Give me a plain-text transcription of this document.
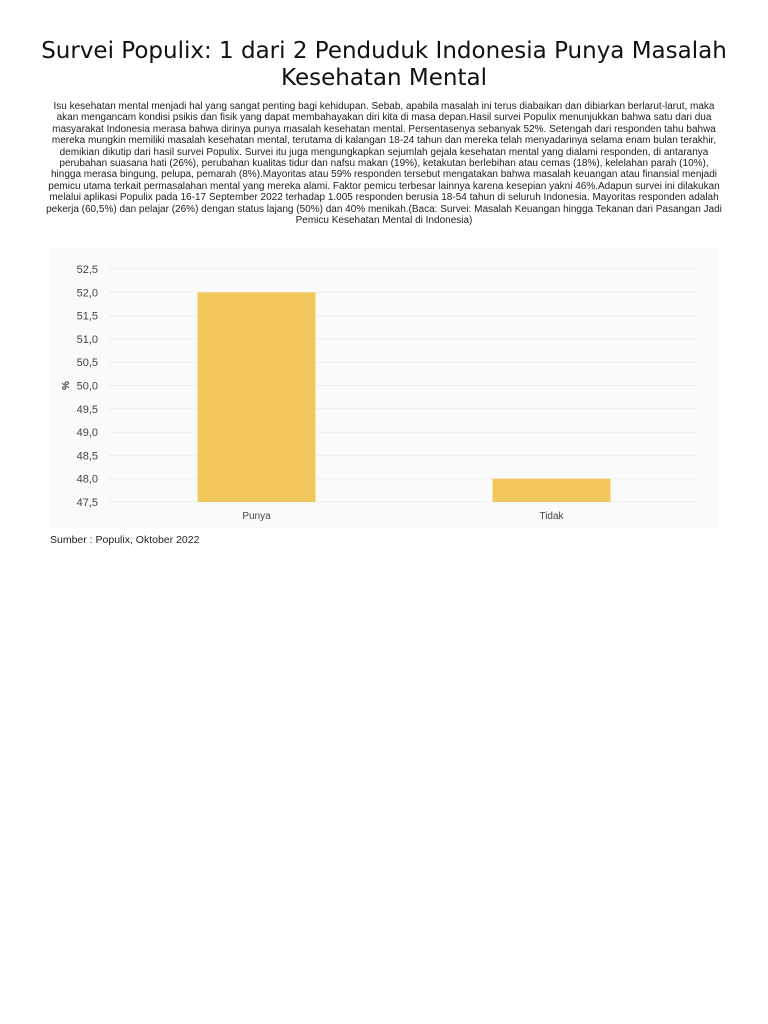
Survei Populix: 1 dari 2 Penduduk Indonesia Punya Masalah Kesehatan Mental

Isu kesehatan mental menjadi hal yang sangat penting bagi kehidupan. Sebab, apabila masalah ini terus diabaikan dan dibiarkan berlarut-larut, maka akan mengancam kondisi psikis dan fisik yang dapat membahayakan diri kita di masa depan.Hasil survei Populix menunjukkan bahwa satu dari dua masyarakat Indonesia merasa bahwa dirinya punya masalah kesehatan mental. Persentasenya sebanyak 52%. Setengah dari responden tahu bahwa mereka mungkin memiliki masalah kesehatan mental, terutama di kalangan 18-24 tahun dan mereka telah menyadarinya selama enam bulan terakhir, demikian dikutip dari hasil survei Populix. Survei itu juga mengungkapkan sejumlah gejala kesehatan mental yang dialami responden, di antaranya perubahan suasana hati (26%), perubahan kualitas tidur dan nafsu makan (19%), ketakutan berlebihan atau cemas (18%), kelelahan parah (10%), hingga merasa bingung, pelupa, pemarah (8%).Mayoritas atau 59% responden tersebut mengatakan bahwa masalah keuangan atau finansial menjadi pemicu utama terkait permasalahan mental yang mereka alami. Faktor pemicu terbesar lainnya karena kesepian yakni 46%.Adapun survei ini dilakukan melalui aplikasi Populix pada 16-17 September 2022 terhadap 1.005 responden berusia 18-54 tahun di seluruh Indonesia. Mayoritas responden adalah pekerja (60,5%) dan pelajar (26%) dengan status lajang (50%) dan 40% menikah.(Baca: Survei: Masalah Keuangan hingga Tekanan dari Pasangan Jadi Pemicu Kesehatan Mental di Indonesia)

47,5
48,0
48,5
49,0
49,5
50,0
50,5
51,0
51,5
52,0
52,5
%
Punya	Tidak

Sumber : Populix, Oktober 2022
